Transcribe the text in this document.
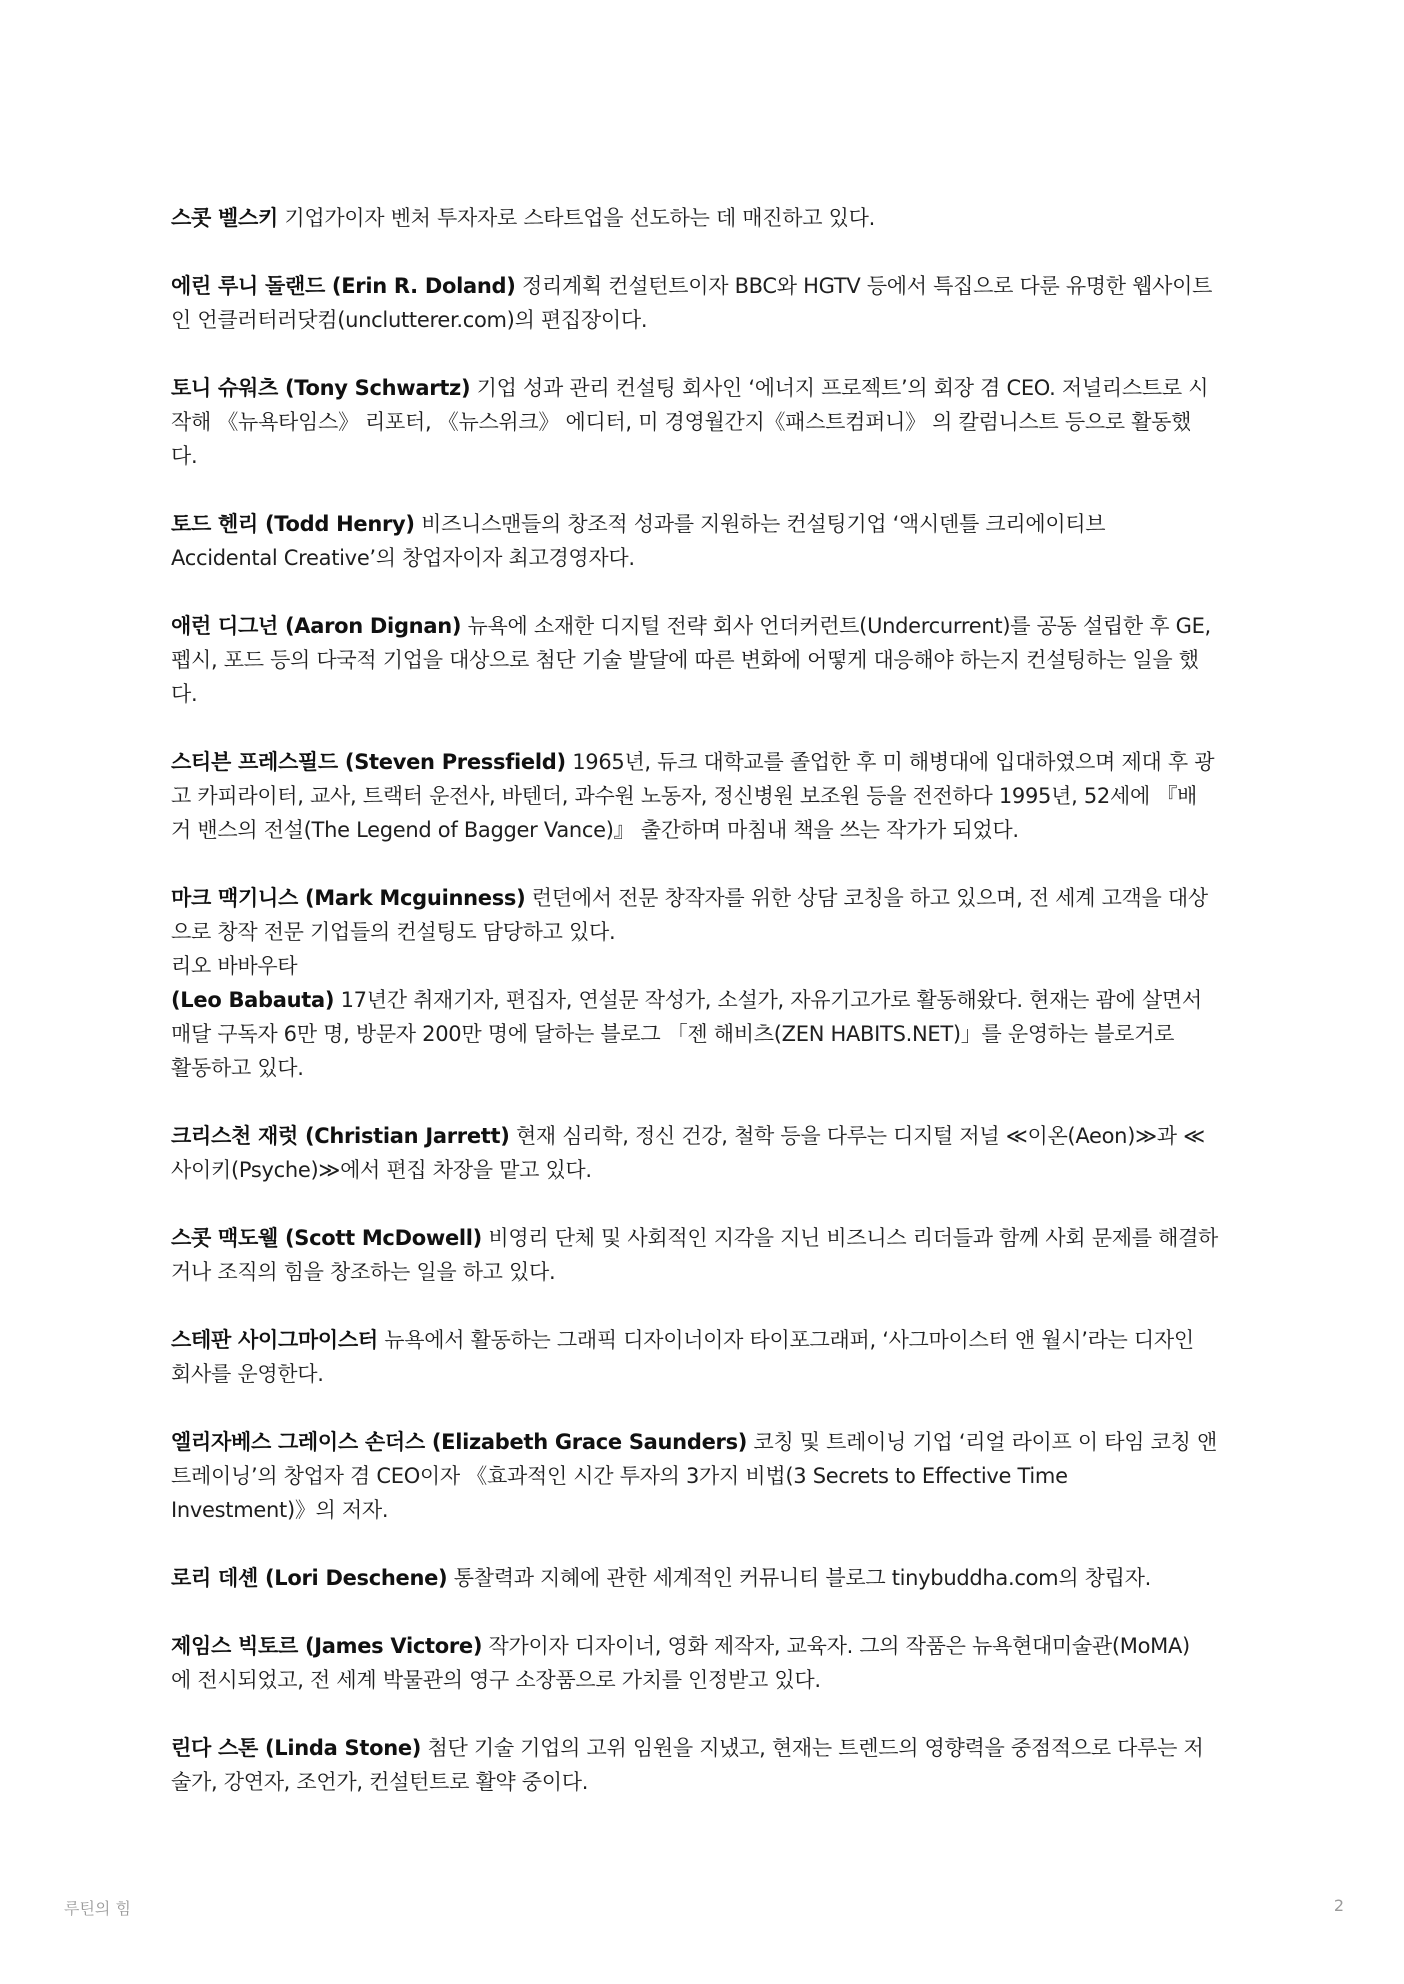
스콧 벨스키 기업가이자 벤처 투자자로 스타트업을 선도하는 데 매진하고 있다.
에린 루니 돌랜드 (Erin R. Doland) 정리계획 컨설턴트이자 BBC와 HGTV 등에서 특집으로 다룬 유명한 웹사이트
인 언클러터러닷컴(unclutterer.com)의 편집장이다.
토니 슈워츠 (Tony Schwartz) 기업 성과 관리 컨설팅 회사인 ‘에너지 프로젝트’의 회장 겸 CEO. 저널리스트로 시
작해 《뉴욕타임스》 리포터, 《뉴스위크》 에디터, 미 경영월간지《패스트컴퍼니》 의 칼럼니스트 등으로 활동했
다.
토드 헨리 (Todd Henry) 비즈니스맨들의 창조적 성과를 지원하는 컨설팅기업 ‘액시덴틀 크리에이티브
Accidental Creative’의 창업자이자 최고경영자다.
애런 디그넌 (Aaron Dignan) 뉴욕에 소재한 디지털 전략 회사 언더커런트(Undercurrent)를 공동 설립한 후 GE,
펩시, 포드 등의 다국적 기업을 대상으로 첨단 기술 발달에 따른 변화에 어떻게 대응해야 하는지 컨설팅하는 일을 했
다.
스티븐 프레스필드 (Steven Pressfield) 1965년, 듀크 대학교를 졸업한 후 미 해병대에 입대하였으며 제대 후 광
고 카피라이터, 교사, 트랙터 운전사, 바텐더, 과수원 노동자, 정신병원 보조원 등을 전전하다 1995년, 52세에 『배
거 밴스의 전설(The Legend of Bagger Vance)』 출간하며 마침내 책을 쓰는 작가가 되었다.
마크 맥기니스 (Mark Mcguinness) 런던에서 전문 창작자를 위한 상담 코칭을 하고 있으며, 전 세계 고객을 대상
으로 창작 전문 기업들의 컨설팅도 담당하고 있다.
리오 바바우타
(Leo Babauta) 17년간 취재기자, 편집자, 연설문 작성가, 소설가, 자유기고가로 활동해왔다. 현재는 괌에 살면서
매달 구독자 6만 명, 방문자 200만 명에 달하는 블로그 「젠 해비츠(ZEN HABITS.NET)」를 운영하는 블로거로
활동하고 있다.
크리스천 재럿 (Christian Jarrett) 현재 심리학, 정신 건강, 철학 등을 다루는 디지털 저널 ≪이온(Aeon)≫과 ≪
사이키(Psyche)≫에서 편집 차장을 맡고 있다.
스콧 맥도웰 (Scott McDowell) 비영리 단체 및 사회적인 지각을 지닌 비즈니스 리더들과 함께 사회 문제를 해결하
거나 조직의 힘을 창조하는 일을 하고 있다.
스테판 사이그마이스터 뉴욕에서 활동하는 그래픽 디자이너이자 타이포그래퍼, ‘사그마이스터 앤 월시’라는 디자인
회사를 운영한다.
엘리자베스 그레이스 손더스 (Elizabeth Grace Saunders) 코칭 및 트레이닝 기업 ‘리얼 라이프 이 타임 코칭 앤
트레이닝’의 창업자 겸 CEO이자 《효과적인 시간 투자의 3가지 비법(3 Secrets to Effective Time
Investment)》의 저자.
로리 데셴 (Lori Deschene) 통찰력과 지혜에 관한 세계적인 커뮤니티 블로그 tinybuddha.com의 창립자.
제임스 빅토르 (James Victore) 작가이자 디자이너, 영화 제작자, 교육자. 그의 작품은 뉴욕현대미술관(MoMA)
에 전시되었고, 전 세계 박물관의 영구 소장품으로 가치를 인정받고 있다.
린다 스톤 (Linda Stone) 첨단 기술 기업의 고위 임원을 지냈고, 현재는 트렌드의 영향력을 중점적으로 다루는 저
술가, 강연자, 조언가, 컨설턴트로 활약 중이다.
루틴의 힘	2
